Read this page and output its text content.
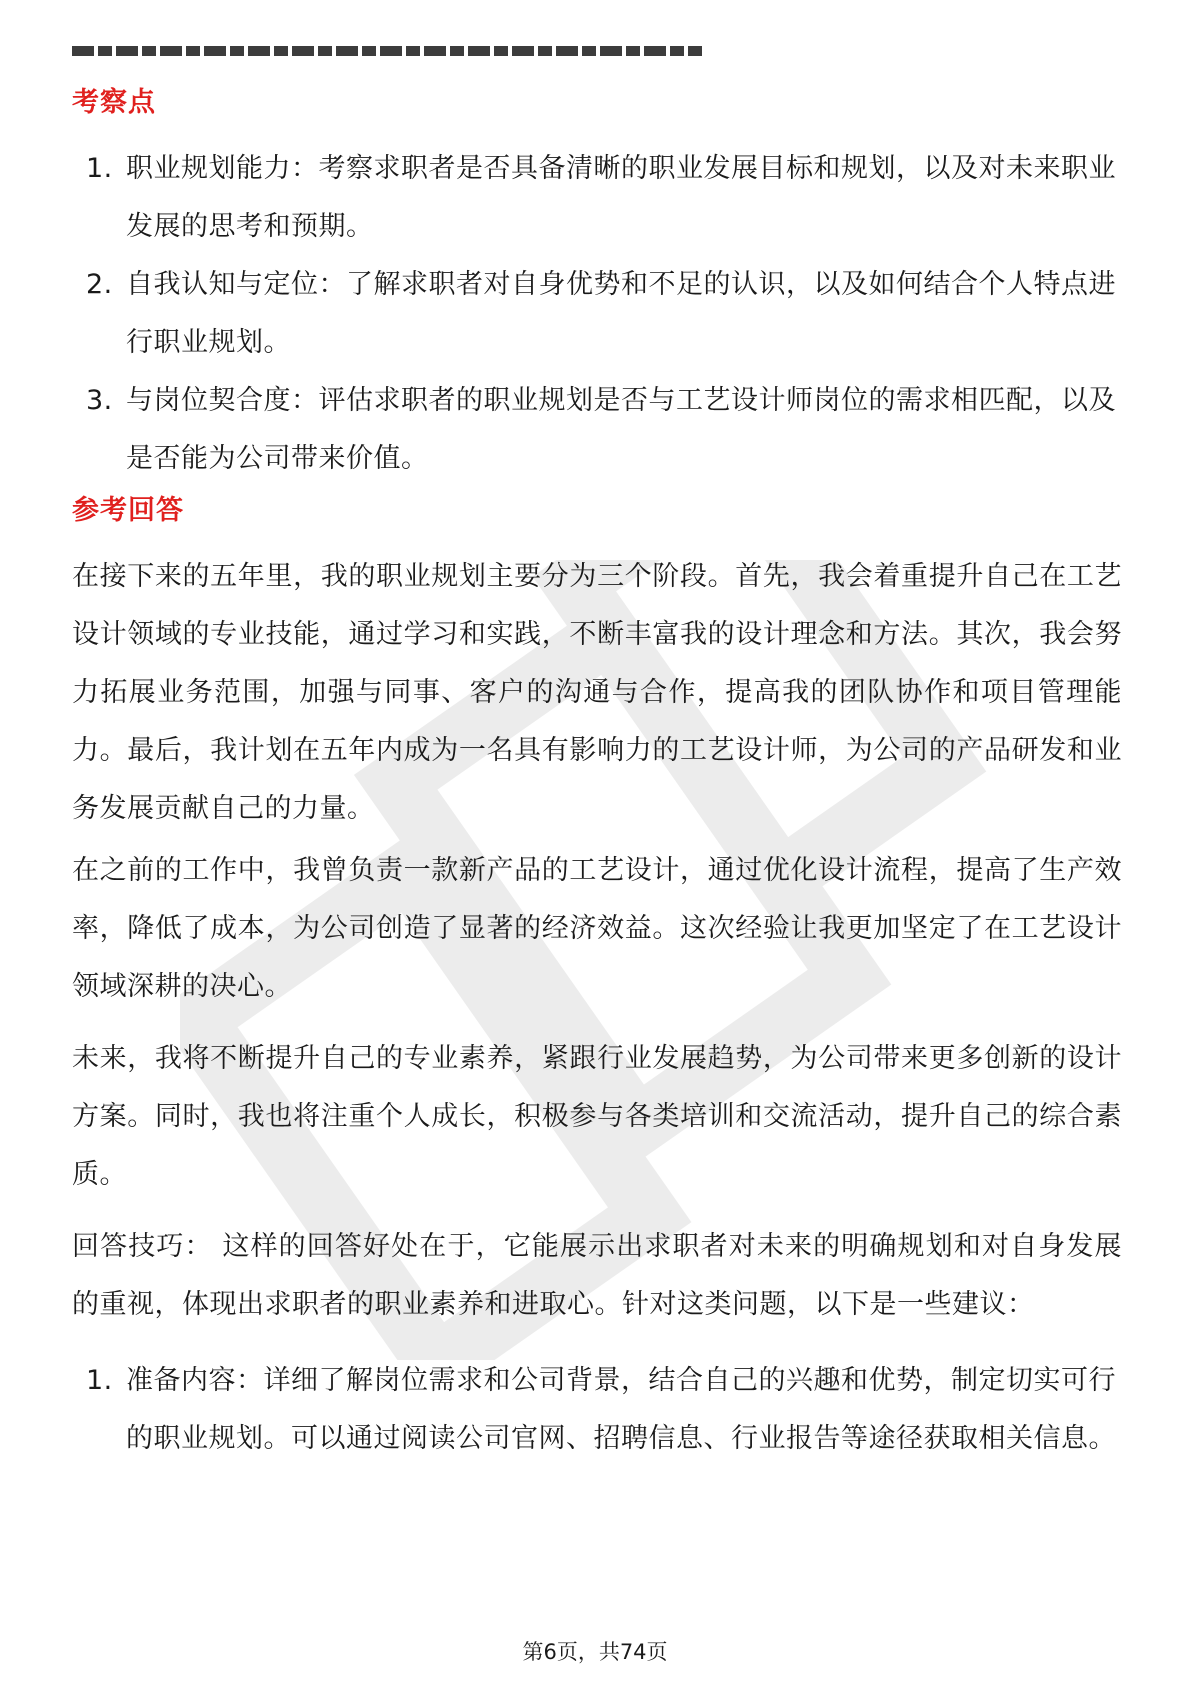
考察点
1. 职业规划能力：考察求职者是否具备清晰的职业发展目标和规划，以及对未来职业发展的思考和预期。
2. 自我认知与定位：了解求职者对自身优势和不足的认识，以及如何结合个人特点进行职业规划。
3. 与岗位契合度：评估求职者的职业规划是否与工艺设计师岗位的需求相匹配，以及是否能为公司带来价值。
参考回答

在接下来的五年里，我的职业规划主要分为三个阶段。首先，我会着重提升自己在工艺设计领域的专业技能，通过学习和实践，不断丰富我的设计理念和方法。其次，我会努力拓展业务范围，加强与同事、客户的沟通与合作，提高我的团队协作和项目管理能力。最后，我计划在五年内成为一名具有影响力的工艺设计师，为公司的产品研发和业务发展贡献自己的力量。

在之前的工作中，我曾负责一款新产品的工艺设计，通过优化设计流程，提高了生产效率，降低了成本，为公司创造了显著的经济效益。这次经验让我更加坚定了在工艺设计领域深耕的决心。

未来，我将不断提升自己的专业素养，紧跟行业发展趋势，为公司带来更多创新的设计方案。同时，我也将注重个人成长，积极参与各类培训和交流活动，提升自己的综合素质。

回答技巧： 这样的回答好处在于，它能展示出求职者对未来的明确规划和对自身发展的重视，体现出求职者的职业素养和进取心。针对这类问题，以下是一些建议：

1. 准备内容：详细了解岗位需求和公司背景，结合自己的兴趣和优势，制定切实可行的职业规划。可以通过阅读公司官网、招聘信息、行业报告等途径获取相关信息。
第6页，共74页
